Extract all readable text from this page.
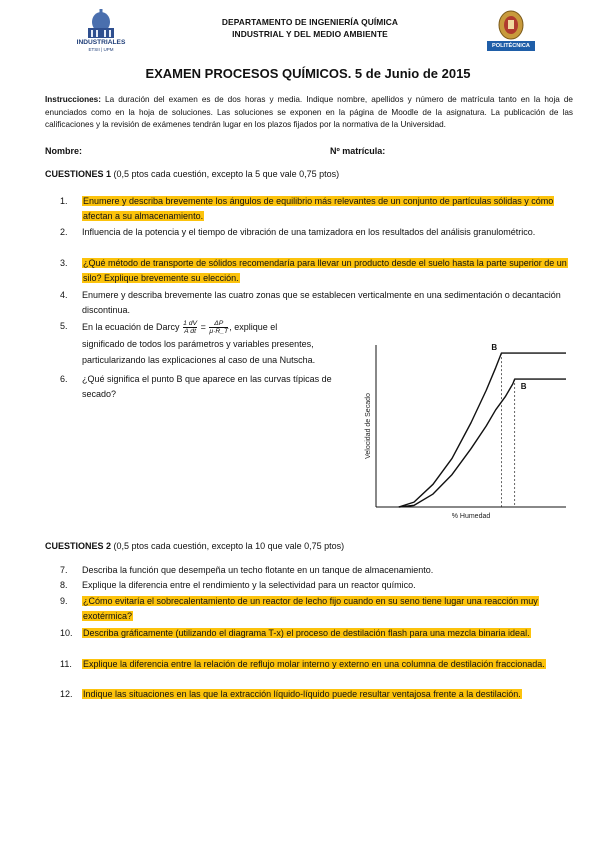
INDUSTRIALES
ETSII | UPM
DEPARTAMENTO DE INGENIERÍA QUÍMICA
INDUSTRIAL Y DEL MEDIO AMBIENTE
POLITÉCNICA
EXAMEN PROCESOS QUÍMICOS. 5 de Junio de 2015
Instrucciones: La duración del examen es de dos horas y media. Indique nombre, apellidos y número de matrícula tanto en la hoja de enunciados como en la hoja de soluciones. Las soluciones se exponen en la página de Moodle de la asignatura. La publicación de las calificaciones y la revisión de exámenes tendrán lugar en los plazos fijados por la normativa de la Universidad.
Nombre:	Nº matrícula:
CUESTIONES 1 (0,5 ptos cada cuestión, excepto la 5 que vale 0,75 ptos)
1.	Enumere y describa brevemente los ángulos de equilibrio más relevantes de un conjunto de partículas sólidas y cómo afectan a su almacenamiento.
2.	Influencia de la potencia y el tiempo de vibración de una tamizadora en los resultados del análisis granulométrico.
3.	¿Qué método de transporte de sólidos recomendaría para llevar un producto desde el suelo hasta la parte superior de un silo? Explique brevemente su elección.
4.	Enumere y describa brevemente las cuatro zonas que se establecen verticalmente en una sedimentación o decantación discontinua.
5.	En la ecuación de Darcy $\frac{1 dV}{\text{A dt}} = \frac{\Delta P}{\mu\cdot R\_T}$ , explique el
significado de todos los parámetros y variables presentes, particularizando las explicaciones al caso de una Nutscha.
6.	¿Qué significa el punto B que aparece en las curvas típicas de secado?
B
B
% Humedad
Velocidad de Secado
CUESTIONES 2 (0,5 ptos cada cuestión, excepto la 10 que vale 0,75 ptos)
7.	Describa la función que desempeña un techo flotante en un tanque de almacenamiento.
8.	Explique la diferencia entre el rendimiento y la selectividad para un reactor químico.
9.	¿Cómo evitaría el sobrecalentamiento de un reactor de lecho fijo cuando en su seno tiene lugar una reacción muy exotérmica?
10.	Describa gráficamente (utilizando el diagrama T-x) el proceso de destilación flash para una mezcla binaria ideal.
11.	Explique la diferencia entre la relación de reflujo molar interno y externo en una columna de destilación fraccionada.
12.	Indique las situaciones en las que la extracción líquido-líquido puede resultar ventajosa frente a la destilación.
